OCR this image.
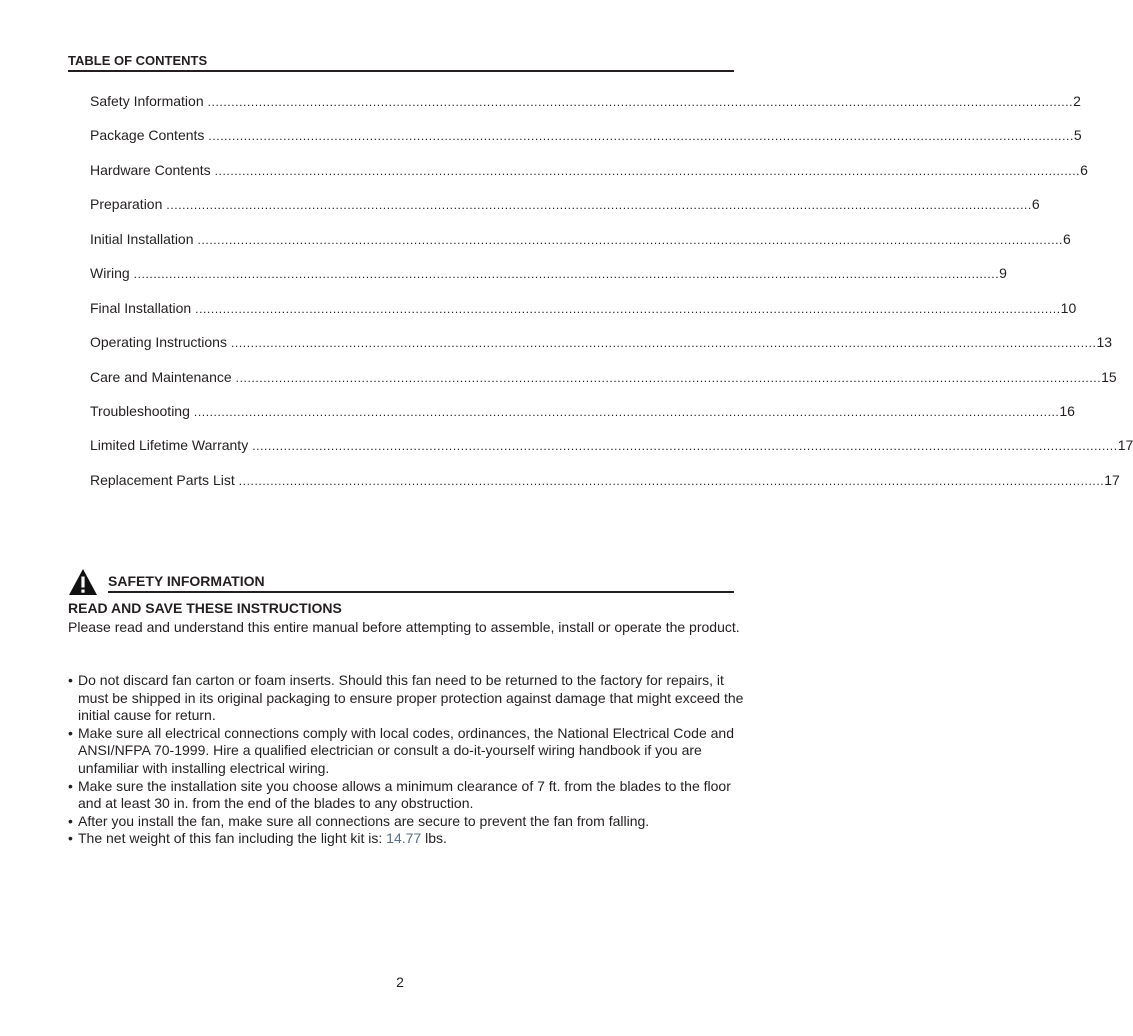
TABLE OF CONTENTS
Safety Information ............................................................................................................................................................................................................................ 2
Package Contents ............................................................................................................................................................................................................................ 5
Hardware Contents ............................................................................................................................................................................................................................ 6
Preparation ............................................................................................................................................................................................................................ 6
Initial Installation ............................................................................................................................................................................................................................ 6
Wiring ............................................................................................................................................................................................................................ 9
Final Installation ............................................................................................................................................................................................................................ 10
Operating Instructions ............................................................................................................................................................................................................................ 13
Care and Maintenance ............................................................................................................................................................................................................................ 15
Troubleshooting ............................................................................................................................................................................................................................ 16
Limited Lifetime Warranty ............................................................................................................................................................................................................................ 17
Replacement Parts List ............................................................................................................................................................................................................................ 17
SAFETY INFORMATION
READ AND SAVE THESE INSTRUCTIONS
Please read and understand this entire manual before attempting to assemble, install or operate the product.
• Do not discard fan carton or foam inserts. Should this fan need to be returned to the factory for repairs, it must be shipped in its original packaging to ensure proper protection against damage that might exceed the initial cause for return.
• Make sure all electrical connections comply with local codes, ordinances, the National Electrical Code and ANSI/NFPA 70-1999. Hire a qualified electrician or consult a do-it-yourself wiring handbook if you are unfamiliar with installing electrical wiring.
• Make sure the installation site you choose allows a minimum clearance of 7 ft. from the blades to the floor and at least 30 in. from the end of the blades to any obstruction.
• After you install the fan, make sure all connections are secure to prevent the fan from falling.
• The net weight of this fan including the light kit is: 14.77 lbs.
2
